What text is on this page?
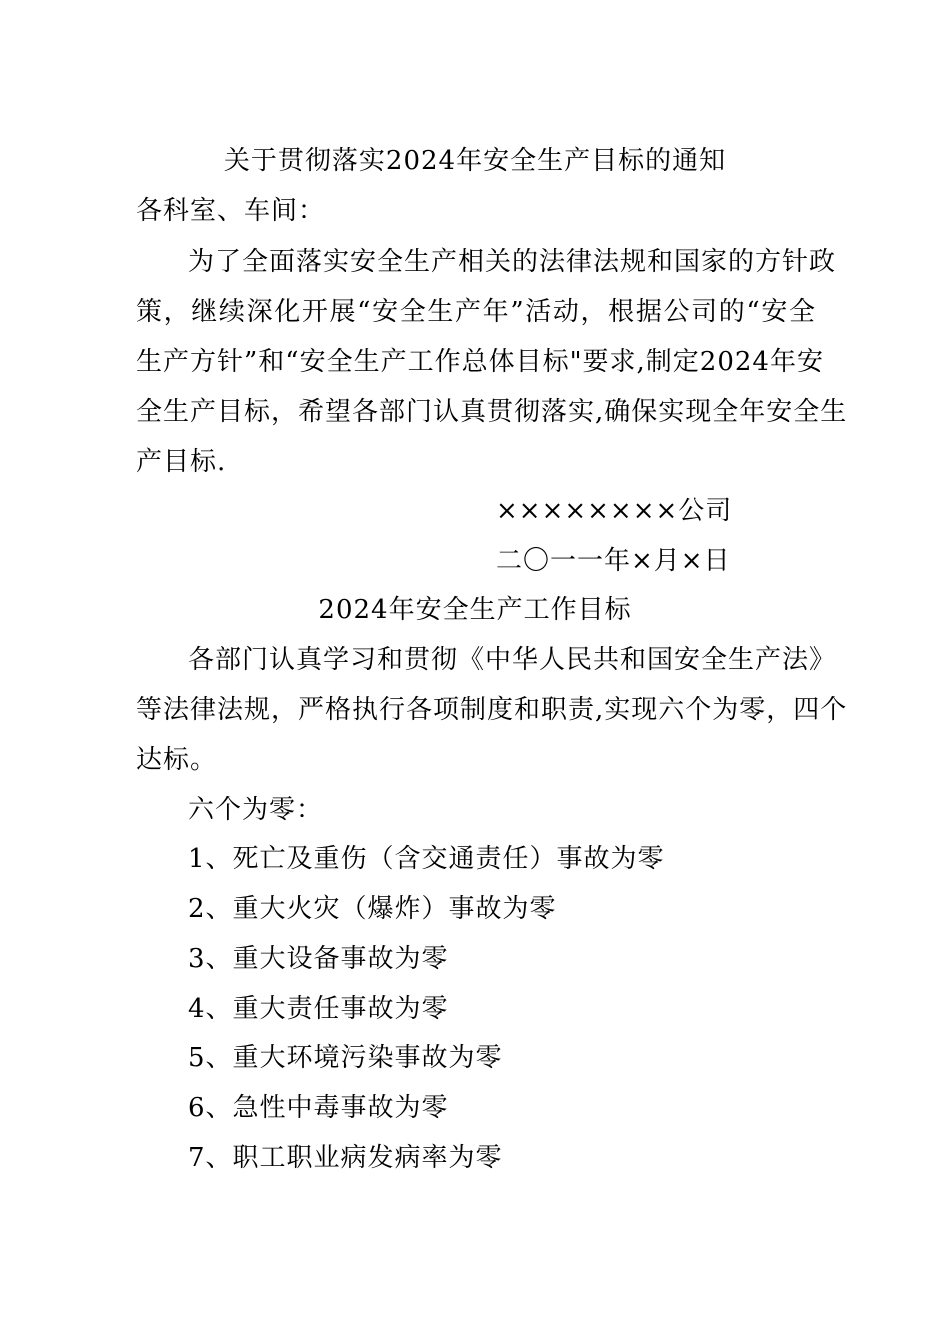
关于贯彻落实2024年安全生产目标的通知
各科室、车间：
为了全面落实安全生产相关的法律法规和国家的方针政
策，继续深化开展“安全生产年”活动，根据公司的“安全
生产方针”和“安全生产工作总体目标"要求,制定2024年安
全生产目标，希望各部门认真贯彻落实,确保实现全年安全生
产目标.
××××××××公司
二〇一一年×月×日
2024年安全生产工作目标
各部门认真学习和贯彻《中华人民共和国安全生产法》
等法律法规，严格执行各项制度和职责,实现六个为零，四个
达标。
六个为零：
1、死亡及重伤（含交通责任）事故为零
2、重大火灾（爆炸）事故为零
3、重大设备事故为零
4、重大责任事故为零
5、重大环境污染事故为零
6、急性中毒事故为零
7、职工职业病发病率为零
